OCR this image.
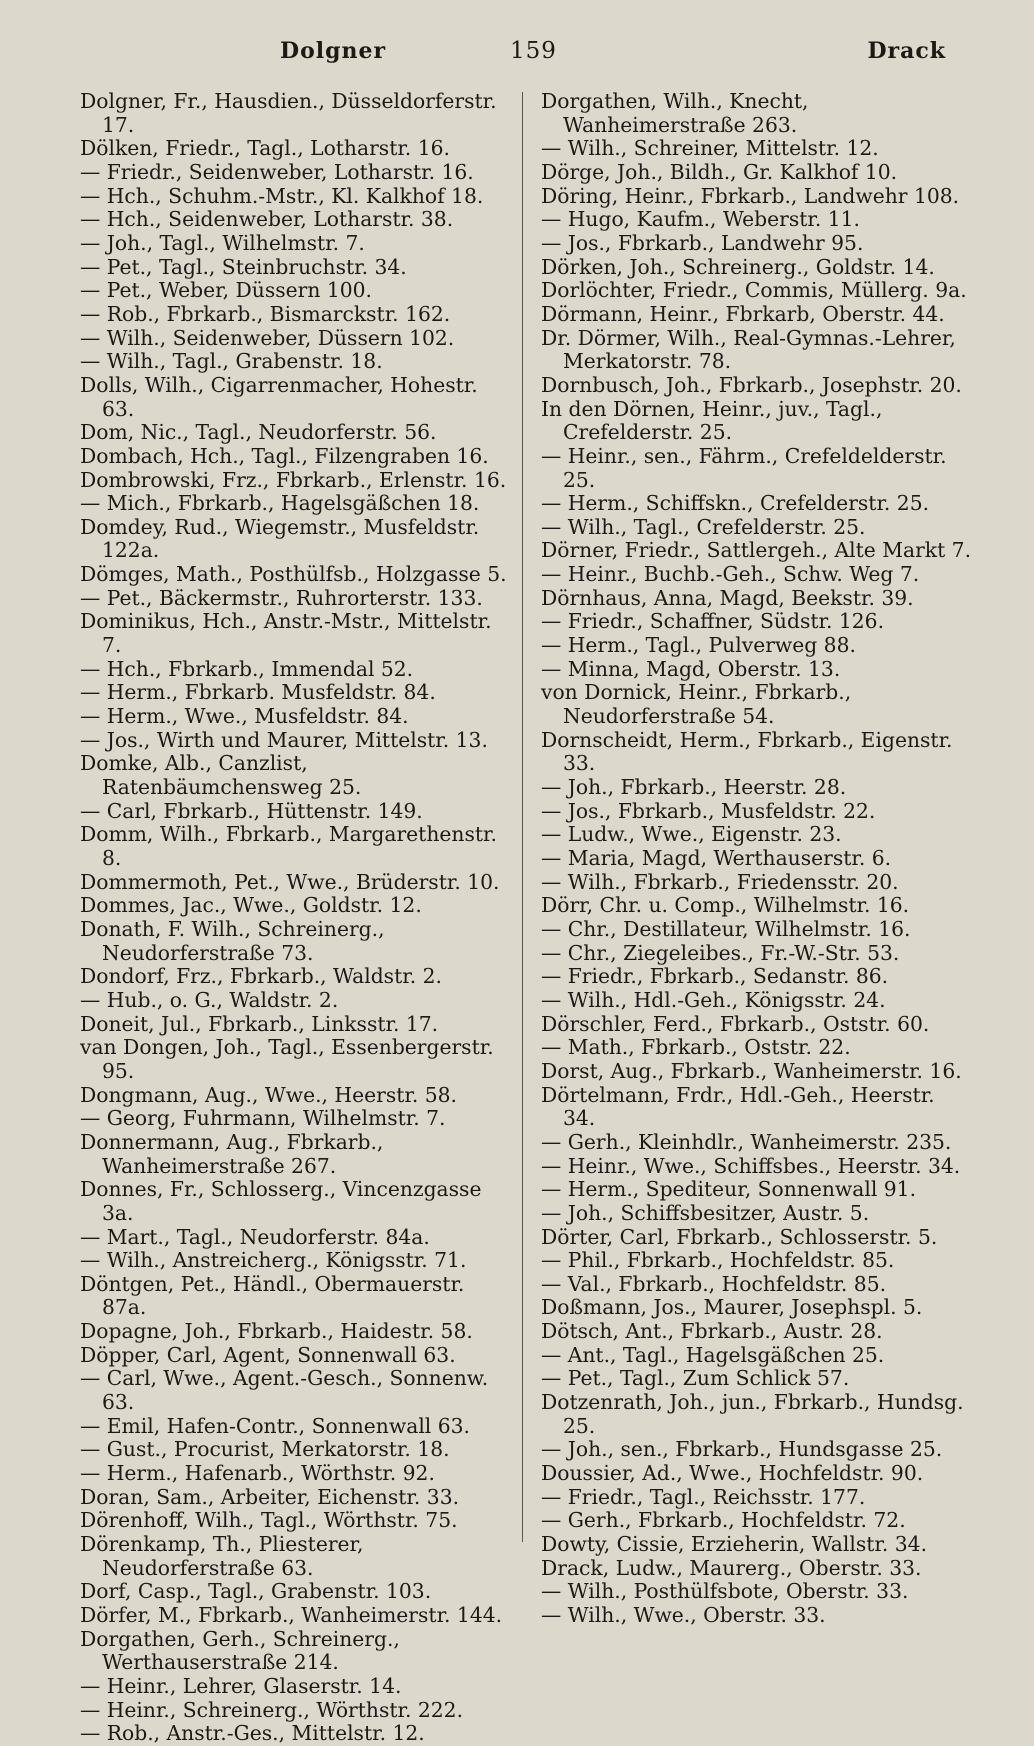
Dolgner	159	Drack
Dolgner, Fr., Hausdien., Düsseldorferstr. 17.
Dölken, Friedr., Tagl., Lotharstr. 16.
— Friedr., Seidenweber, Lotharstr. 16.
— Hch., Schuhm.-Mstr., Kl. Kalkhof 18.
— Hch., Seidenweber, Lotharstr. 38.
— Joh., Tagl., Wilhelmstr. 7.
— Pet., Tagl., Steinbruchstr. 34.
— Pet., Weber, Düssern 100.
— Rob., Fbrkarb., Bismarckstr. 162.
— Wilh., Seidenweber, Düssern 102.
— Wilh., Tagl., Grabenstr. 18.
Dolls, Wilh., Cigarrenmacher, Hohestr. 63.
Dom, Nic., Tagl., Neudorferstr. 56.
Dombach, Hch., Tagl., Filzengraben 16.
Dombrowski, Frz., Fbrkarb., Erlenstr. 16.
— Mich., Fbrkarb., Hagelsgäßchen 18.
Domdey, Rud., Wiegemstr., Musfeldstr. 122a.
Dömges, Math., Posthülfsb., Holzgasse 5.
— Pet., Bäckermstr., Ruhrorterstr. 133.
Dominikus, Hch., Anstr.-Mstr., Mittelstr. 7.
— Hch., Fbrkarb., Immendal 52.
— Herm., Fbrkarb. Musfeldstr. 84.
— Herm., Wwe., Musfeldstr. 84.
— Jos., Wirth und Maurer, Mittelstr. 13.
Domke, Alb., Canzlist, Ratenbäumchensweg 25.
— Carl, Fbrkarb., Hüttenstr. 149.
Domm, Wilh., Fbrkarb., Margarethenstr. 8.
Dommermoth, Pet., Wwe., Brüderstr. 10.
Dommes, Jac., Wwe., Goldstr. 12.
Donath, F. Wilh., Schreinerg., Neudorferstraße 73.
Dondorf, Frz., Fbrkarb., Waldstr. 2.
— Hub., o. G., Waldstr. 2.
Doneit, Jul., Fbrkarb., Linksstr. 17.
van Dongen, Joh., Tagl., Essenbergerstr. 95.
Dongmann, Aug., Wwe., Heerstr. 58.
— Georg, Fuhrmann, Wilhelmstr. 7.
Donnermann, Aug., Fbrkarb., Wanheimerstraße 267.
Donnes, Fr., Schlosserg., Vincenzgasse 3a.
— Mart., Tagl., Neudorferstr. 84a.
— Wilh., Anstreicherg., Königsstr. 71.
Döntgen, Pet., Händl., Obermauerstr. 87a.
Dopagne, Joh., Fbrkarb., Haidestr. 58.
Döpper, Carl, Agent, Sonnenwall 63.
— Carl, Wwe., Agent.-Gesch., Sonnenw. 63.
— Emil, Hafen-Contr., Sonnenwall 63.
— Gust., Procurist, Merkatorstr. 18.
— Herm., Hafenarb., Wörthstr. 92.
Doran, Sam., Arbeiter, Eichenstr. 33.
Dörenhoff, Wilh., Tagl., Wörthstr. 75.
Dörenkamp, Th., Pliesterer, Neudorferstraße 63.
Dorf, Casp., Tagl., Grabenstr. 103.
Dörfer, M., Fbrkarb., Wanheimerstr. 144.
Dorgathen, Gerh., Schreinerg., Werthauserstraße 214.
— Heinr., Lehrer, Glaserstr. 14.
— Heinr., Schreinerg., Wörthstr. 222.
— Rob., Anstr.-Ges., Mittelstr. 12.
Dorgathen, Wilh., Knecht, Wanheimerstraße 263.
— Wilh., Schreiner, Mittelstr. 12.
Dörge, Joh., Bildh., Gr. Kalkhof 10.
Döring, Heinr., Fbrkarb., Landwehr 108.
— Hugo, Kaufm., Weberstr. 11.
— Jos., Fbrkarb., Landwehr 95.
Dörken, Joh., Schreinerg., Goldstr. 14.
Dorlöchter, Friedr., Commis, Müllerg. 9a.
Dörmann, Heinr., Fbrkarb, Oberstr. 44.
Dr. Dörmer, Wilh., Real-Gymnas.-Lehrer, Merkatorstr. 78.
Dornbusch, Joh., Fbrkarb., Josephstr. 20.
In den Dörnen, Heinr., juv., Tagl., Crefelderstr. 25.
— Heinr., sen., Fährm., Crefeldelderstr. 25.
— Herm., Schiffskn., Crefelderstr. 25.
— Wilh., Tagl., Crefelderstr. 25.
Dörner, Friedr., Sattlergeh., Alte Markt 7.
— Heinr., Buchb.-Geh., Schw. Weg 7.
Dörnhaus, Anna, Magd, Beekstr. 39.
— Friedr., Schaffner, Südstr. 126.
— Herm., Tagl., Pulverweg 88.
— Minna, Magd, Oberstr. 13.
von Dornick, Heinr., Fbrkarb., Neudorferstraße 54.
Dornscheidt, Herm., Fbrkarb., Eigenstr. 33.
— Joh., Fbrkarb., Heerstr. 28.
— Jos., Fbrkarb., Musfeldstr. 22.
— Ludw., Wwe., Eigenstr. 23.
— Maria, Magd, Werthauserstr. 6.
— Wilh., Fbrkarb., Friedensstr. 20.
Dörr, Chr. u. Comp., Wilhelmstr. 16.
— Chr., Destillateur, Wilhelmstr. 16.
— Chr., Ziegeleibes., Fr.-W.-Str. 53.
— Friedr., Fbrkarb., Sedanstr. 86.
— Wilh., Hdl.-Geh., Königsstr. 24.
Dörschler, Ferd., Fbrkarb., Oststr. 60.
— Math., Fbrkarb., Oststr. 22.
Dorst, Aug., Fbrkarb., Wanheimerstr. 16.
Dörtelmann, Frdr., Hdl.-Geh., Heerstr. 34.
— Gerh., Kleinhdlr., Wanheimerstr. 235.
— Heinr., Wwe., Schiffsbes., Heerstr. 34.
— Herm., Spediteur, Sonnenwall 91.
— Joh., Schiffsbesitzer, Austr. 5.
Dörter, Carl, Fbrkarb., Schlosserstr. 5.
— Phil., Fbrkarb., Hochfeldstr. 85.
— Val., Fbrkarb., Hochfeldstr. 85.
Doßmann, Jos., Maurer, Josephspl. 5.
Dötsch, Ant., Fbrkarb., Austr. 28.
— Ant., Tagl., Hagelsgäßchen 25.
— Pet., Tagl., Zum Schlick 57.
Dotzenrath, Joh., jun., Fbrkarb., Hundsg. 25.
— Joh., sen., Fbrkarb., Hundsgasse 25.
Doussier, Ad., Wwe., Hochfeldstr. 90.
— Friedr., Tagl., Reichsstr. 177.
— Gerh., Fbrkarb., Hochfeldstr. 72.
Dowty, Cissie, Erzieherin, Wallstr. 34.
Drack, Ludw., Maurerg., Oberstr. 33.
— Wilh., Posthülfsbote, Oberstr. 33.
— Wilh., Wwe., Oberstr. 33.
